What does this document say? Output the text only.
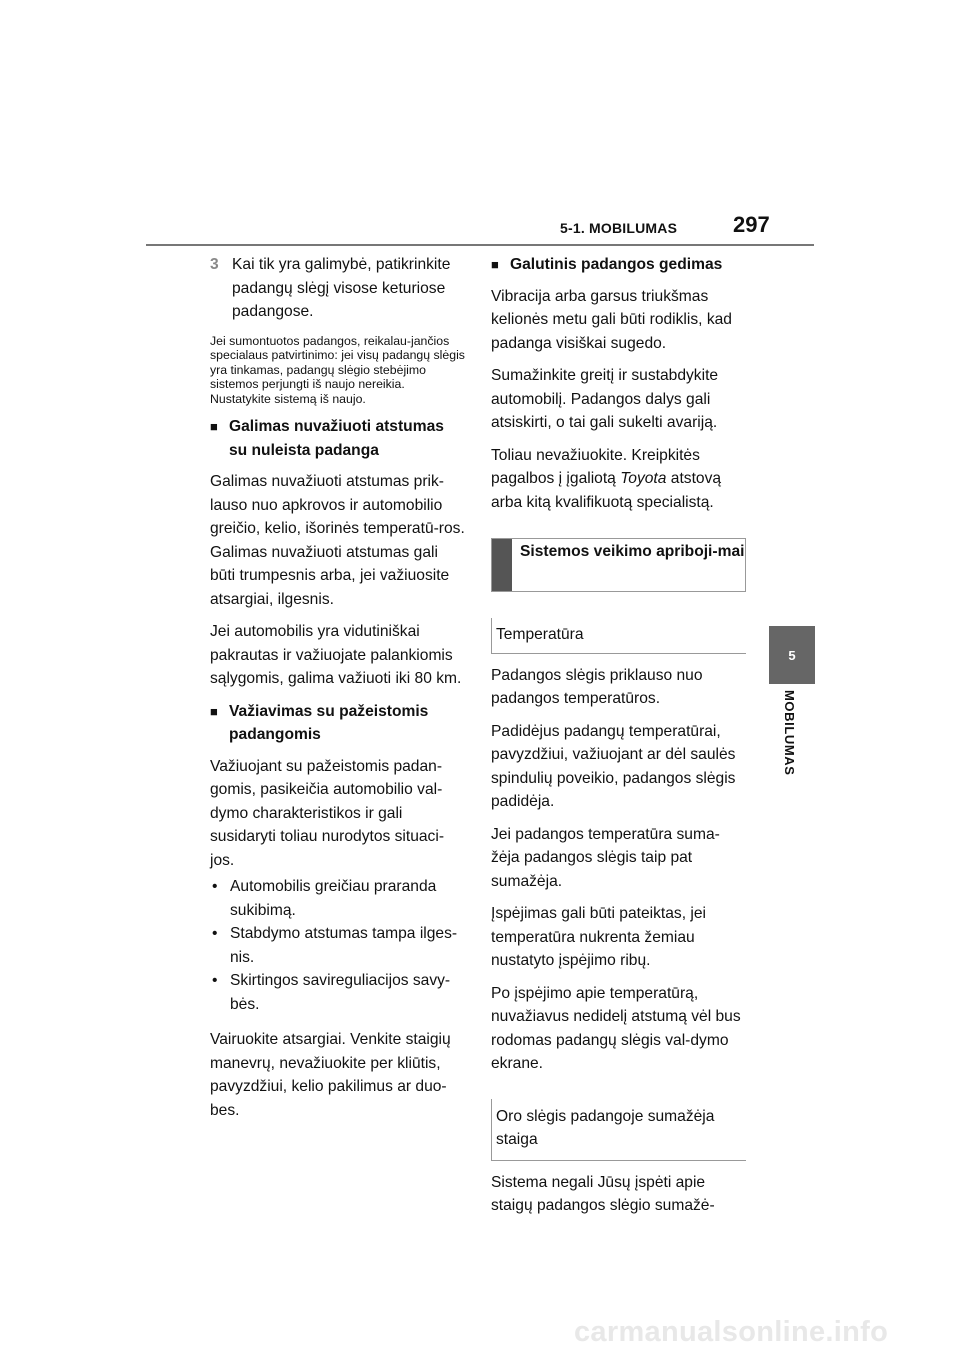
5-1. MOBILUMAS	297
5
MOBILUMAS
3 Kai tik yra galimybė, patikrinkite padangų slėgį visose keturiose padangose.

Jei sumontuotos padangos, reikalau-jančios specialaus patvirtinimo: jei visų padangų slėgis yra tinkamas, padangų slėgio stebėjimo sistemos perjungti iš naujo nereikia. Nustatykite sistemą iš naujo.

■ Galimas nuvažiuoti atstumas su nuleista padanga

Galimas nuvažiuoti atstumas prik-lauso nuo apkrovos ir automobilio greičio, kelio, išorinės temperatū-ros. Galimas nuvažiuoti atstumas gali būti trumpesnis arba, jei važiuosite atsargiai, ilgesnis.

Jei automobilis yra vidutiniškai pakrautas ir važiuojate palankiomis sąlygomis, galima važiuoti iki 80 km.

■ Važiavimas su pažeistomis padangomis

Važiuojant su pažeistomis padan-gomis, pasikeičia automobilio val-dymo charakteristikos ir gali susidaryti toliau nurodytos situaci-jos.

• Automobilis greičiau praranda sukibimą.
• Stabdymo atstumas tampa ilges-nis.
• Skirtingos savireguliacijos savy-bės.

Vairuokite atsargiai. Venkite staigių manevrų, nevažiuokite per kliūtis, pavyzdžiui, kelio pakilimus ar duo-bes.

■ Galutinis padangos gedimas

Vibracija arba garsus triukšmas kelionės metu gali būti rodiklis, kad padanga visiškai sugedo.

Sumažinkite greitį ir sustabdykite automobilį. Padangos dalys gali atsiskirti, o tai gali sukelti avariją.

Toliau nevažiuokite. Kreipkitės pagalbos į įgaliotą Toyota atstovą arba kitą kvalifikuotą specialistą.

Sistemos veikimo apriboji-mai
Temperatūra

Padangos slėgis priklauso nuo padangos temperatūros.

Padidėjus padangų temperatūrai, pavyzdžiui, važiuojant ar dėl saulės spindulių poveikio, padangos slėgis padidėja.

Jei padangos temperatūra suma-žėja padangos slėgis taip pat sumažėja.

Įspėjimas gali būti pateiktas, jei temperatūra nukrenta žemiau nustatyto įspėjimo ribų.

Po įspėjimo apie temperatūrą, nuvažiavus nedidelį atstumą vėl bus rodomas padangų slėgis val-dymo ekrane.

Oro slėgis padangoje sumažėja staiga

Sistema negali Jūsų įspėti apie staigų padangos slėgio sumažė-

carmanualsonline.info
